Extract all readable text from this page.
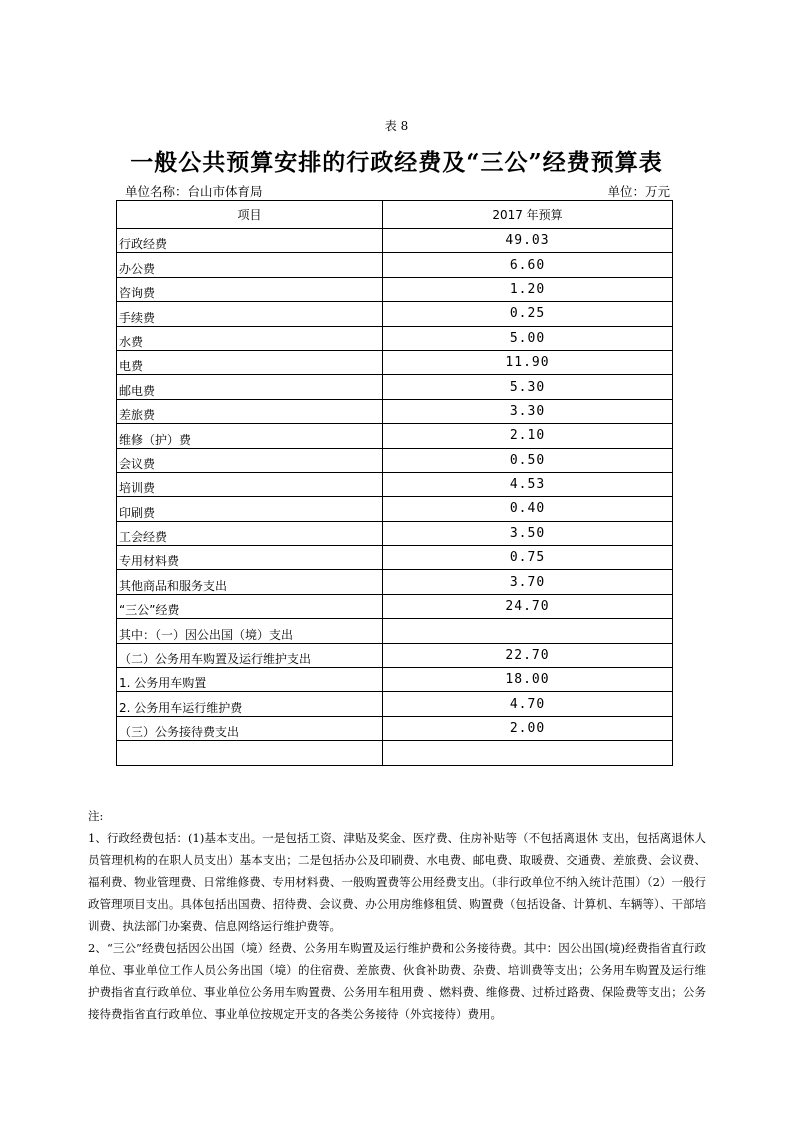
表 8
一般公共预算安排的行政经费及“三公”经费预算表
单位名称：台山市体育局	单位：万元
项目	2017 年预算
行政经费	49.03
办公费	6.60
咨询费	1.20
手续费	0.25
水费	5.00
电费	11.90
邮电费	5.30
差旅费	3.30
维修（护）费	2.10
会议费	0.50
培训费	4.53
印刷费	0.40
工会经费	3.50
专用材料费	0.75
其他商品和服务支出	3.70
“三公”经费	24.70
其中：（一）因公出国（境）支出	
（二）公务用车购置及运行维护支出	22.70
1. 公务用车购置	18.00
2. 公务用车运行维护费	4.70
（三）公务接待费支出	2.00

注:

1、行政经费包括：(1)基本支出。一是包括工资、津贴及奖金、医疗费、住房补贴等（不包括离退休 支出，包括离退休人员管理机构的在职人员支出）基本支出；二是包括办公及印刷费、水电费、邮电费、取暖费、交通费、差旅费、会议费、福利费、物业管理费、日常维修费、专用材料费、一般购置费等公用经费支出。（非行政单位不纳入统计范围）（2）一般行政管理项目支出。具体包括出国费、招待费、会议费、办公用房维修租赁、购置费（包括设备、计算机、车辆等）、干部培训费、执法部门办案费、信息网络运行维护费等。

2、“三公”经费包括因公出国（境）经费、公务用车购置及运行维护费和公务接待费。其中：因公出国(境)经费指省直行政单位、事业单位工作人员公务出国（境）的住宿费、差旅费、伙食补助费、杂费、培训费等支出；公务用车购置及运行维护费指省直行政单位、事业单位公务用车购置费、公务用车租用费 、燃料费、维修费、过桥过路费、保险费等支出；公务接待费指省直行政单位、事业单位按规定开支的各类公务接待（外宾接待）费用。
